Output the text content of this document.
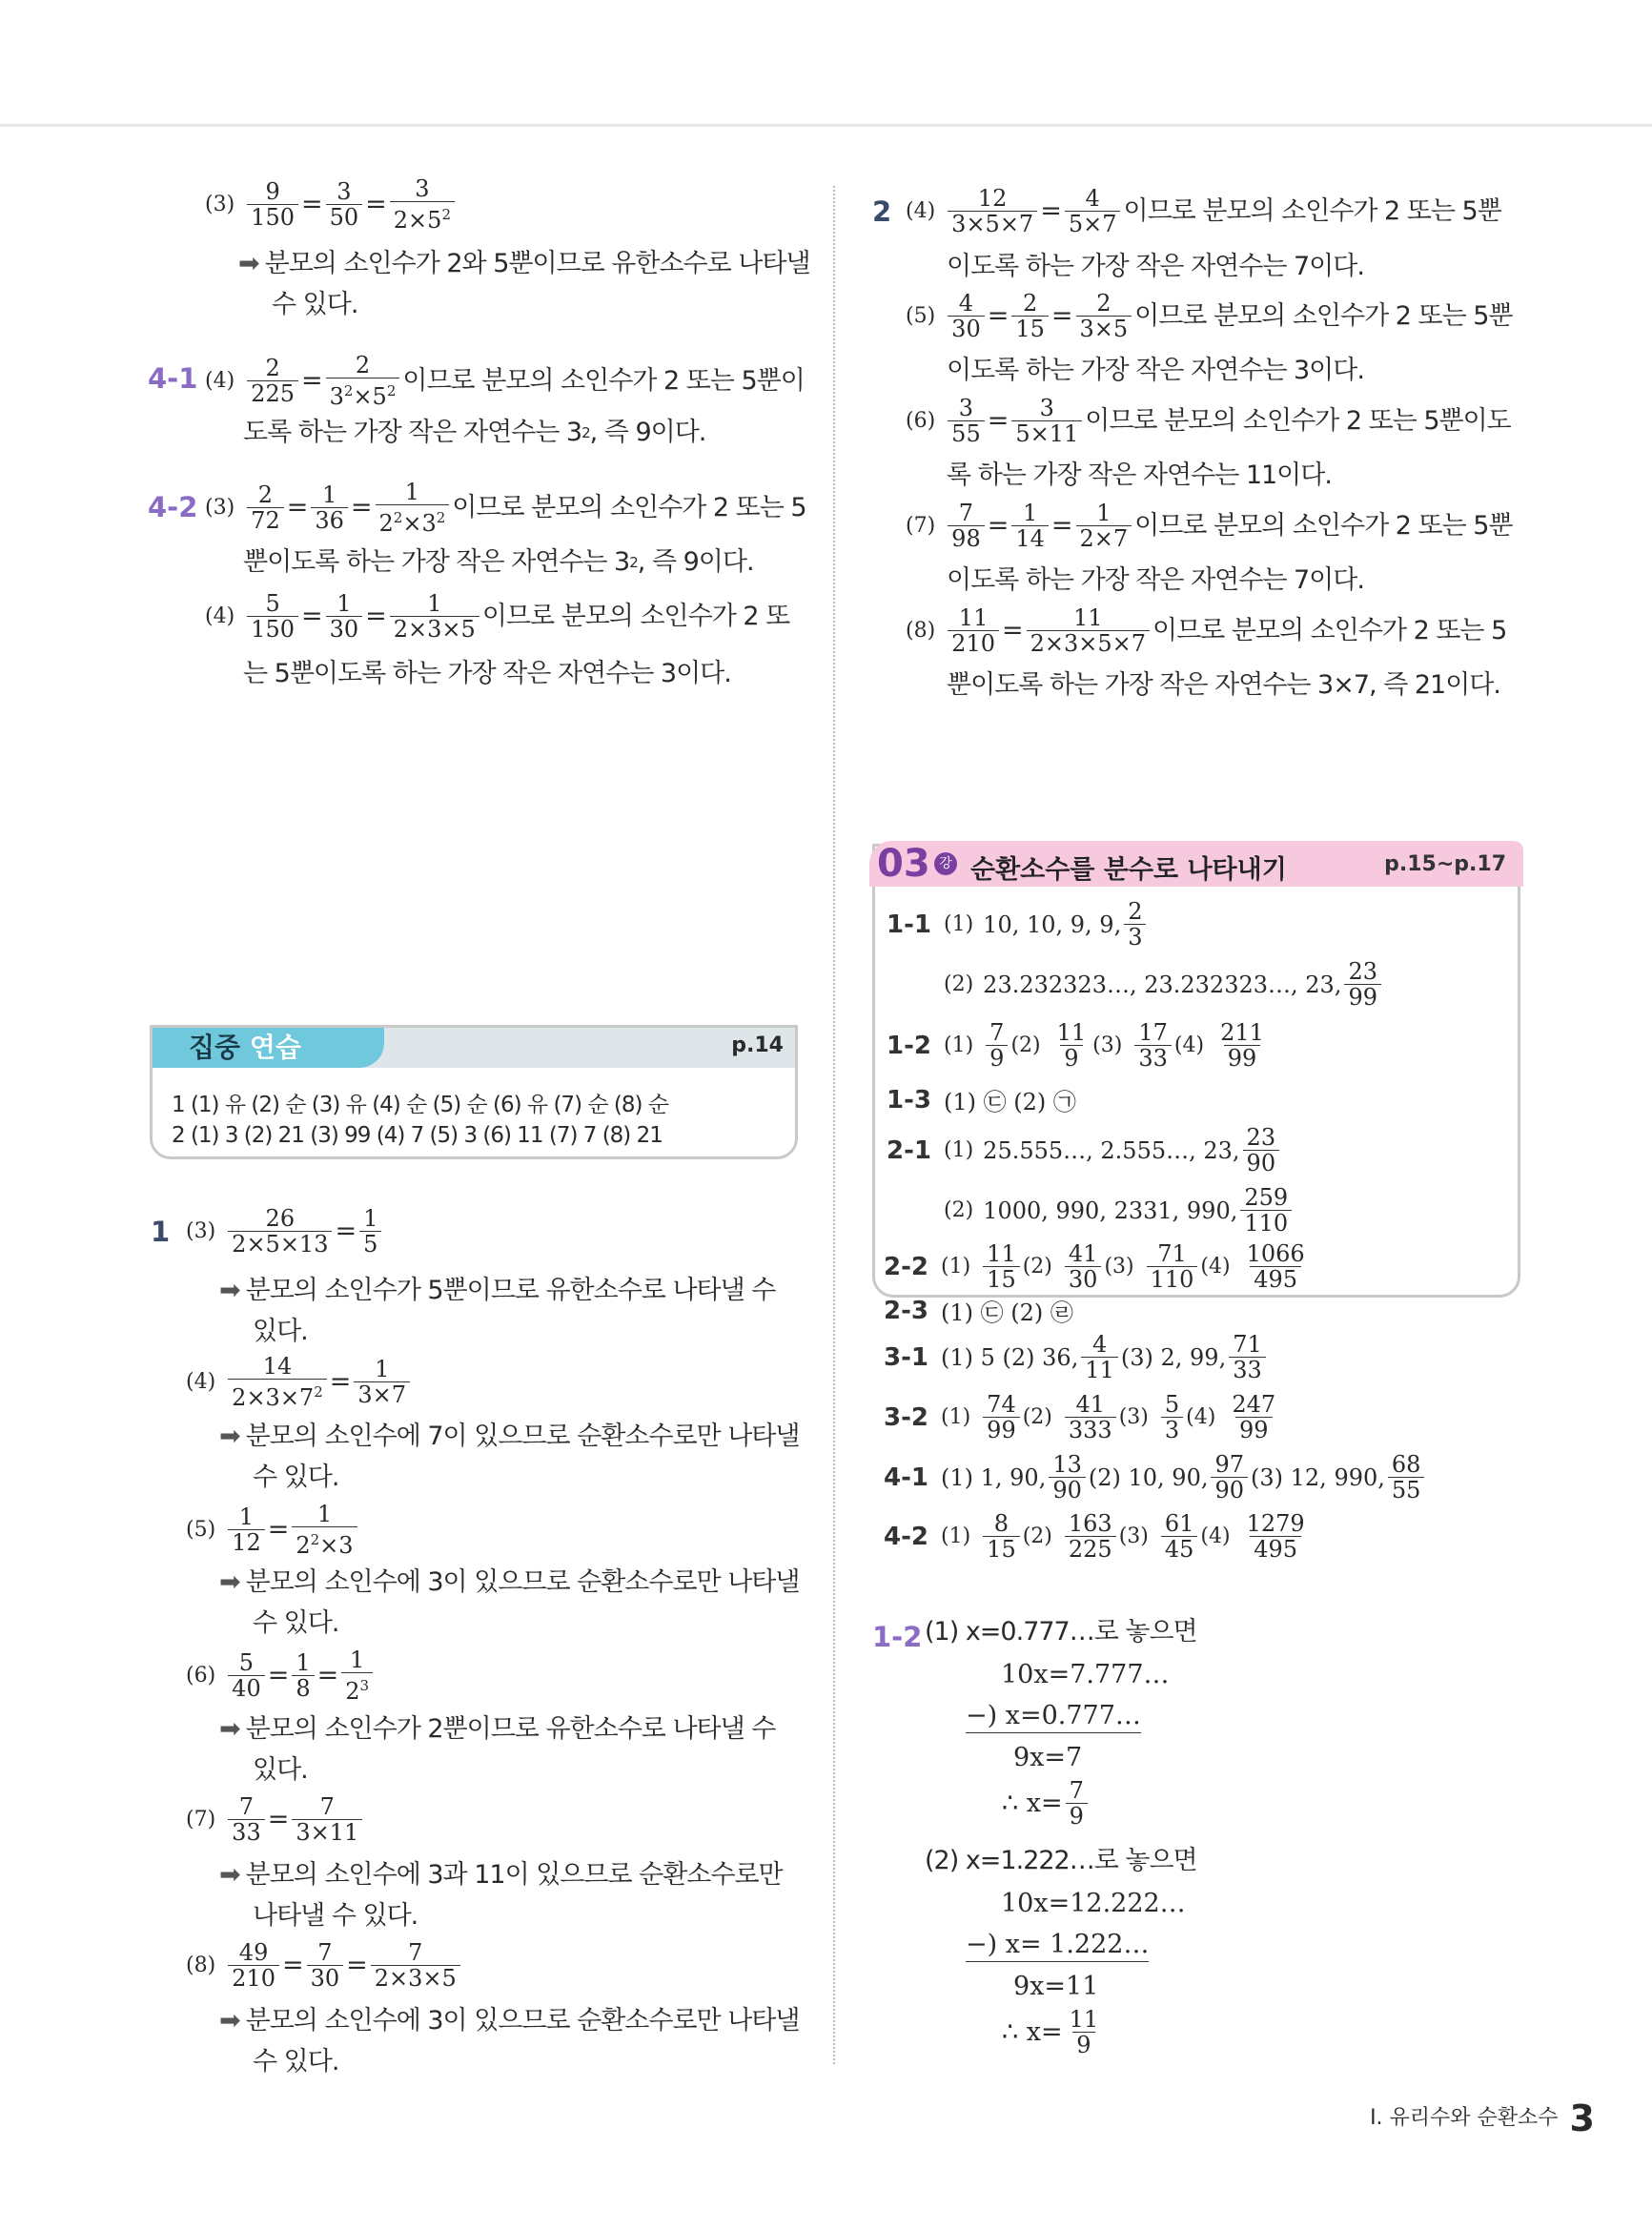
$(3) \frac{9}{150} = \frac{3}{50} = \frac{3}{2\times 5^2}$
➡ 분모의 소인수가 2와 5뿐이므로 유한소수로 나타낼
수 있다.
4-1 $(4) \frac{2}{225} = \frac{2}{3^2\times 5^2}$ 이므로 분모의 소인수가 2 또는 5뿐이
도록 하는 가장 작은 자연수는 3 2 , 즉 9이다.
4-2 $(3) \frac{2}{72} = \frac{1}{36} = \frac{1}{2^2\times 3^2}$ 이므로 분모의 소인수가 2 또는 5
뿐이도록 하는 가장 작은 자연수는 3 2 , 즉 9이다.
$(4) \frac{5}{150} = \frac{1}{30} = \frac{1}{2\times 3\times 5}$ 이므로 분모의 소인수가 2 또
는 5뿐이도록 하는 가장 작은 자연수는 3이다.
집중 연습	p.14
1 (1) 유 (2) 순 (3) 유 (4) 순 (5) 순 (6) 유 (7) 순 (8) 순
2 (1) 3 (2) 21 (3) 99 (4) 7 (5) 3 (6) 11 (7) 7 (8) 21
1 $(3) \frac{26}{2\times 5\times 13} = \frac{1}{5}$
➡ 분모의 소인수가 5뿐이므로 유한소수로 나타낼 수
있다.
$(4) \frac{14}{2\times 3\times 7^2} = \frac{1}{3\times 7}$
➡ 분모의 소인수에 7이 있으므로 순환소수로만 나타낼
수 있다.
$(5) \frac{1}{12} = \frac{1}{2^2\times 3}$
➡ 분모의 소인수에 3이 있으므로 순환소수로만 나타낼
수 있다.
$(6) \frac{5}{40} = \frac{1}{8} = \frac{1}{2^3}$
➡ 분모의 소인수가 2뿐이므로 유한소수로 나타낼 수
있다.
$(7) \frac{7}{33} = \frac{7}{3\times 11}$
➡ 분모의 소인수에 3과 11이 있으므로 순환소수로만
나타낼 수 있다.
$(8) \frac{49}{210} = \frac{7}{30} = \frac{7}{2\times 3\times 5}$
➡ 분모의 소인수에 3이 있으므로 순환소수로만 나타낼
수 있다.
2 $(4) \frac{12}{3\times 5\times 7} = \frac{4}{5\times 7}$ 이므로 분모의 소인수가 2 또는 5뿐
이도록 하는 가장 작은 자연수는 7이다.
$(5) \frac{4}{30} = \frac{2}{15} = \frac{2}{3\times 5}$ 이므로 분모의 소인수가 2 또는 5뿐
이도록 하는 가장 작은 자연수는 3이다.
$(6) \frac{3}{55} = \frac{3}{5\times 11}$ 이므로 분모의 소인수가 2 또는 5뿐이도
록 하는 가장 작은 자연수는 11이다.
$(7) \frac{7}{98} = \frac{1}{14} = \frac{1}{2\times 7}$ 이므로 분모의 소인수가 2 또는 5뿐
이도록 하는 가장 작은 자연수는 7이다.
$(8) \frac{11}{210} = \frac{11}{2\times 3\times 5\times 7}$ 이므로 분모의 소인수가 2 또는 5
뿐이도록 하는 가장 작은 자연수는 3×7, 즉 21이다.
03 강 순환소수를 분수로 나타내기	p.15~p.17
1-1 (1) 10, 10, 9, 9, $\frac{2}{3}$
(2) 23.232323…, 23.232323…, 23, $\frac{23}{99}$
1-2 $(1) \frac{7}{9} (2) \frac{11}{9} (3) \frac{17}{33} (4) \frac{211}{99}$
1-3 (1) ㉢ (2) ㉠
2-1 (1) 25.555…, 2.555…, 23, $\frac{23}{90}$
(2) 1000, 990, 2331, 990, $\frac{259}{110}$
2-2 $(1) \frac{11}{15} (2) \frac{41}{30} (3) \frac{71}{110} (4) \frac{1066}{495}$
2-3 (1) ㉢ (2) ㉣
3-1 (1) 5 (2) 36, $\frac{4}{11} (3)$ 2, 99, $\frac{71}{33}$
3-2 $(1) \frac{74}{99} (2) \frac{41}{333} (3) \frac{5}{3} (4) \frac{247}{99}$
4-1 (1) 1, 90, $\frac{13}{90} (2)$ 10, 90, $\frac{97}{90} (3)$ 12, 990, $\frac{68}{55}$
4-2 $(1) \frac{8}{15} (2) \frac{163}{225} (3) \frac{61}{45} (4) \frac{1279}{495}$
1-2 (1) x=0.777…로 놓으면
10x=7.777…
−) x=0.777…
9x=7
∴ $x= \frac{7}{9}$
(2) x=1.222…로 놓으면
10x=12.222…
−) x= 1.222…
9x=11
∴ $x= \frac{11}{9}$
I. 유리수와 순환소수 3
